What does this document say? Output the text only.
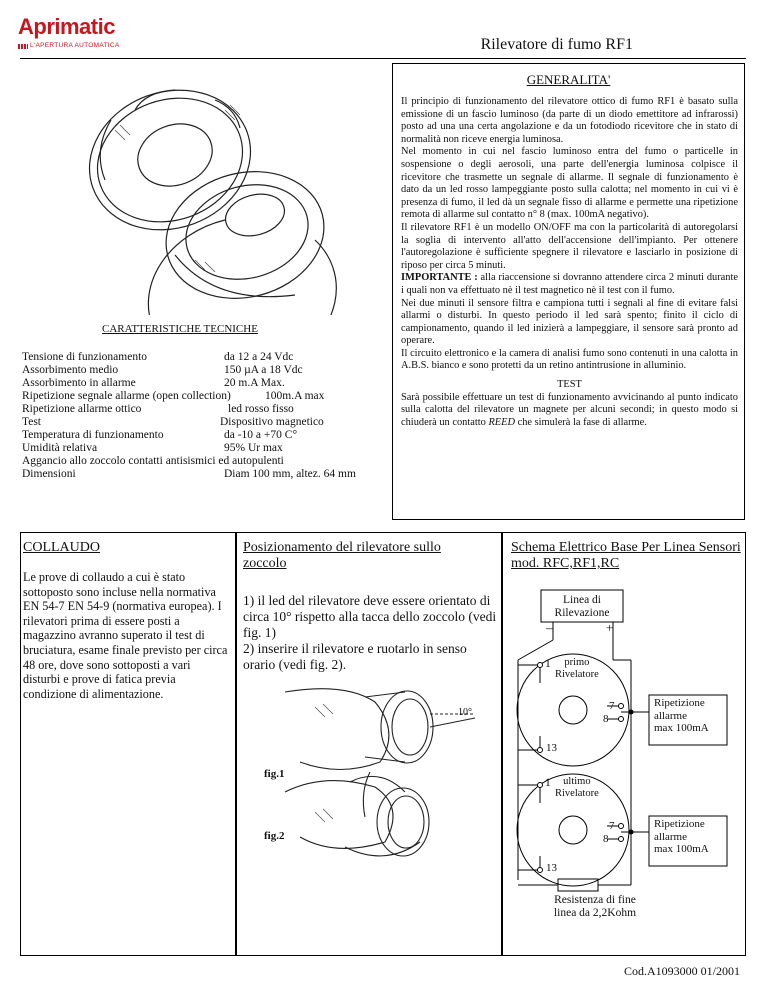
Aprimatic
L'APERTURA AUTOMATICA	Rilevatore di fumo RF1
GENERALITA'

Il principio di funzionamento del rilevatore ottico di fumo RF1 è basato sulla emissione di un fascio luminoso (da parte di un diodo emettitore ad infrarossi) posto ad una una certa angolazione e da un fotodiodo ricevitore che in stato di normalità non riceve energia luminosa.

Nel momento in cui nel fascio luminoso entra del fumo o particelle in sospensione o degli aerosoli, una parte dell'energia luminosa colpisce il ricevitore che trasmette un segnale di allarme. Il segnale di funzionamento è dato da un led rosso lampeggiante posto sulla calotta; nel momento in cui vi è presenza di fumo, il led dà un segnale fisso di allarme e permette una ripetizione remota di allarme sul contatto n° 8 (max. 100mA negativo).

Il rilevatore RF1 è un modello ON/OFF ma con la particolarità di autoregolarsi la soglia di intervento all'atto dell'accensione dell'impianto. Per ottenere l'autoregolazione è sufficiente spegnere il rilevatore e lasciarlo in posizione di riposo per circa 5 minuti.

IMPORTANTE : alla riaccensione si dovranno attendere circa 2 minuti durante i quali non va effettuato nè il test magnetico nè il test con il fumo.

Nei due minuti il sensore filtra e campiona tutti i segnali al fine di evitare falsi allarmi o disturbi. In questo periodo il led sarà spento; finito il ciclo di campionamento, quando il led inizierà a lampeggiare, il sensore sarà pronto ad operare.

Il circuito elettronico e la camera di analisi fumo sono contenuti in una calotta in A.B.S. bianco e sono protetti da un retino antintrusione in alluminio.

TEST

Sarà possibile effettuare un test di funzionamento avvicinando al punto indicato sulla calotta del rilevatore un magnete per alcuni secondi; in questo modo si chiuderà un contatto REED che simulerà la fase di allarme.

CARATTERISTICHE TECNICHE
Tensione di funzionamento	da 12 a 24 Vdc
Assorbimento medio	150 µA a 18 Vdc
Assorbimento in allarme	20 m.A Max.
Ripetizione segnale allarme (open collection)	100m.A max
Ripetizione allarme ottico	led rosso fisso
Test	Dispositivo magnetico
Temperatura di funzionamento	da -10 a +70 C°
Umidità relativa	95% Ur max
Aggancio allo zoccolo contatti antisismici ed autopulenti
Dimensioni	Diam 100 mm, altez. 64 mm
COLLAUDO
Le prove di collaudo a cui è stato sottoposto sono incluse nella normativa EN 54-7 EN 54-9 (normativa europea). I rilevatori prima di essere posti a magazzino avranno superato il test di bruciatura, esame finale previsto per circa 48 ore, dove sono sottoposti a vari disturbi e prove di fatica previa condizione di alimentazione.
Posizionamento del rilevatore sullo zoccolo
1) il led del rilevatore deve essere orientato di circa 10° rispetto alla tacca dello zoccolo (vedi fig. 1)
2) inserire il rilevatore e ruotarlo in senso orario (vedi fig. 2).
fig.1
fig.2
10°
Schema Elettrico Base Per Linea Sensori mod. RFC,RF1,RC
Linea di
Rilevazione
–	+
1	primo
Rivelatore
7
8
13
Ripetizione
allarme
max 100mA
1	ultimo
Rivelatore
7
8
13
Ripetizione
allarme
max 100mA
Resistenza di fine
linea da 2,2Kohm
Cod.A1093000 01/2001
